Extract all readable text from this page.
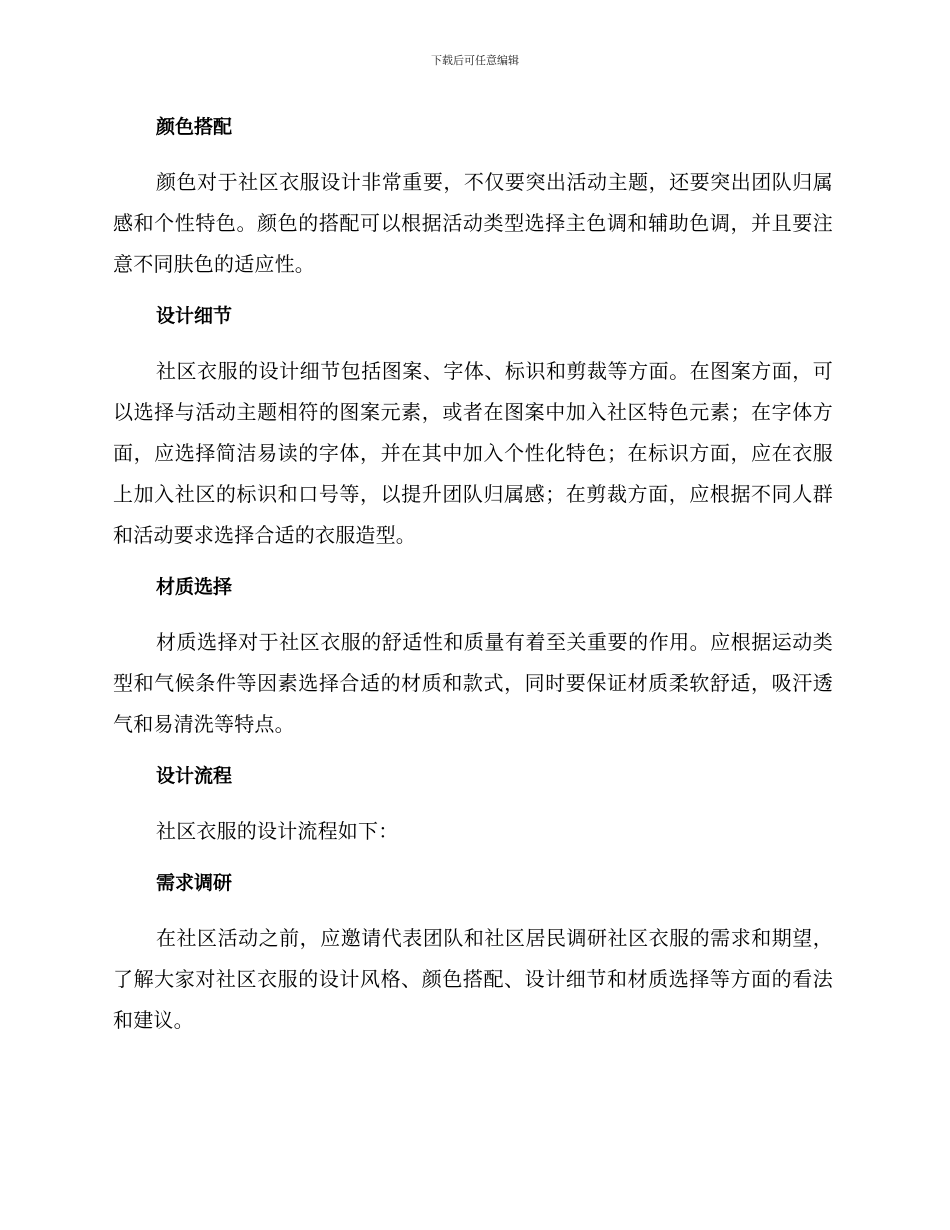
下载后可任意编辑
颜色搭配

颜色对于社区衣服设计非常重要，不仅要突出活动主题，还要突出团队归属感和个性特色。颜色的搭配可以根据活动类型选择主色调和辅助色调，并且要注意不同肤色的适应性。

设计细节

社区衣服的设计细节包括图案、字体、标识和剪裁等方面。在图案方面，可以选择与活动主题相符的图案元素，或者在图案中加入社区特色元素；在字体方面，应选择简洁易读的字体，并在其中加入个性化特色；在标识方面，应在衣服上加入社区的标识和口号等，以提升团队归属感；在剪裁方面，应根据不同人群和活动要求选择合适的衣服造型。

材质选择

材质选择对于社区衣服的舒适性和质量有着至关重要的作用。应根据运动类型和气候条件等因素选择合适的材质和款式，同时要保证材质柔软舒适，吸汗透气和易清洗等特点。

设计流程

社区衣服的设计流程如下：

需求调研

在社区活动之前，应邀请代表团队和社区居民调研社区衣服的需求和期望，了解大家对社区衣服的设计风格、颜色搭配、设计细节和材质选择等方面的看法和建议。
